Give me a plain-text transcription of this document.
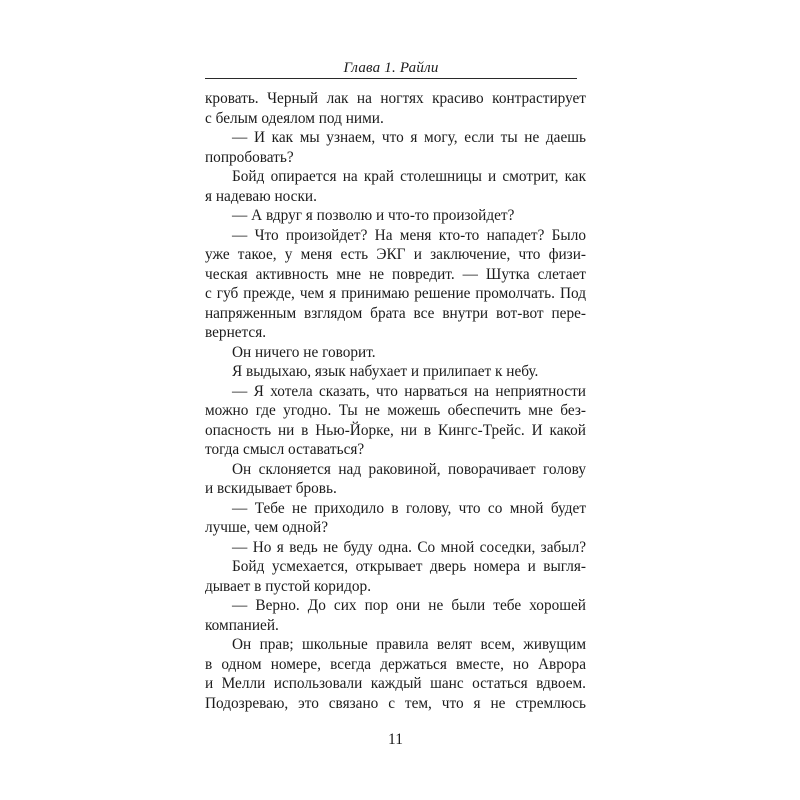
Глава 1. Райли
кровать. Черный лак на ногтях красиво контрастирует
с белым одеялом под ними.
— И как мы узнаем, что я могу, если ты не даешь
попробовать?
Бойд опирается на край столешницы и смотрит, как
я надеваю носки.
— А вдруг я позволю и что-то произойдет?
— Что произойдет? На меня кто-то нападет? Было
уже такое, у меня есть ЭКГ и заключение, что физи-
ческая активность мне не повредит. — Шутка слетает
с губ прежде, чем я принимаю решение промолчать. Под
напряженным взглядом брата все внутри вот-вот пере-
вернется.
Он ничего не говорит.
Я выдыхаю, язык набухает и прилипает к небу.
— Я хотела сказать, что нарваться на неприятности
можно где угодно. Ты не можешь обеспечить мне без-
опасность ни в Нью-Йорке, ни в Кингс-Трейс. И какой
тогда смысл оставаться?
Он склоняется над раковиной, поворачивает голову
и вскидывает бровь.
— Тебе не приходило в голову, что со мной будет
лучше, чем одной?
— Но я ведь не буду одна. Со мной соседки, забыл?
Бойд усмехается, открывает дверь номера и выгля-
дывает в пустой коридор.
— Верно. До сих пор они не были тебе хорошей
компанией.
Он прав; школьные правила велят всем, живущим
в одном номере, всегда держаться вместе, но Аврора
и Мелли использовали каждый шанс остаться вдвоем.
Подозреваю, это связано с тем, что я не стремлюсь
11
